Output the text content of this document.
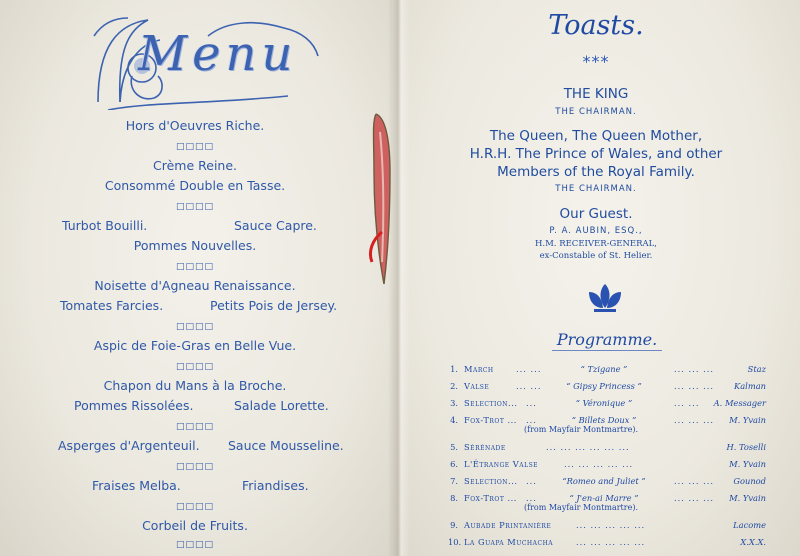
Menu
Hors d'Oeuvres Riche.
□□□□
Crème Reine.
Consommé Double en Tasse.
□□□□
Turbot Bouilli.	Sauce Capre.
Pommes Nouvelles.
□□□□
Noisette d'Agneau Renaissance.
Tomates Farcies.	Petits Pois de Jersey.
□□□□
Aspic de Foie-Gras en Belle Vue.
□□□□
Chapon du Mans à la Broche.
Pommes Rissolées.	Salade Lorette.
□□□□
Asperges d'Argenteuil. Sauce Mousseline.
□□□□
Fraises Melba.	Friandises.
□□□□
Corbeil de Fruits.
□□□□
Toasts.
***
THE KING
THE CHAIRMAN.
The Queen, The Queen Mother,
H.R.H. The Prince of Wales, and other
Members of the Royal Family.
THE CHAIRMAN.
Our Guest.
P. A. AUBIN, ESQ.,
H.M. RECEIVER-GENERAL,
ex-Constable of St. Helier.
Programme.
1. March	... ...	“ Tzigane ”	... ... ...	Staz
2. Valse	... ...	“ Gipsy Princess ”	... ... ... Kalman
3. Selection... ...	“ Véronique ”	... ... A. Messager
4. Fox-Trot ... ...	“ Billets Doux ”	... ... ... M. Yvain
(from Mayfair Montmartre).
5. Sérénade	... ... ... ... ... ...	H. Toselli
6. L'Étrange Valse	... ... ... ... ...	M. Yvain
7. Selection... ...	“Romeo and Juliet ”	... ... ... Gounod
8. Fox-Trot ... ...	“ J'en-ai Marre ”	... ... ... M. Yvain
(from Mayfair Montmartre).
9. Aubade Printanière	... ... ... ... ...	Lacome
10. La Guapa Muchacha	... ... ... ... ...	X.X.X.
